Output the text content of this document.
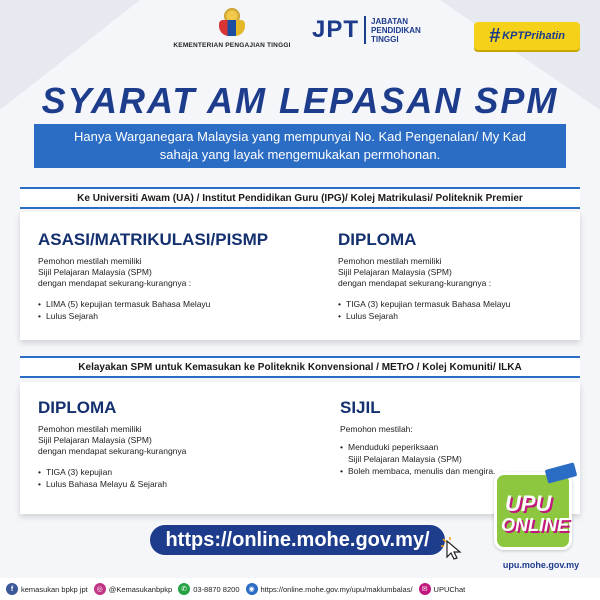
KEMENTERIAN PENGAJIAN TINGGI
JPT JABATAN
PENDIDIKAN
TINGGI	# KPTPrihatin
SYARAT AM LEPASAN SPM
Hanya Warganegara Malaysia yang mempunyai No. Kad Pengenalan/ My Kad
sahaja yang layak mengemukakan permohonan.
Ke Universiti Awam (UA) / Institut Pendidikan Guru (IPG)/ Kolej Matrikulasi/ Politeknik Premier
ASASI/MATRIKULASI/PISMP
Pemohon mestilah memiliki
Sijil Pelajaran Malaysia (SPM)
dengan mendapat sekurang-kurangnya :
• LIMA (5) kepujian termasuk Bahasa Melayu
• Lulus Sejarah
DIPLOMA
Pemohon mestilah memiliki
Sijil Pelajaran Malaysia (SPM)
dengan mendapat sekurang-kurangnya :
• TIGA (3) kepujian termasuk Bahasa Melayu
• Lulus Sejarah
Kelayakan SPM untuk Kemasukan ke Politeknik Konvensional / METrO / Kolej Komuniti/ ILKA
DIPLOMA
Pemohon mestilah memiliki
Sijil Pelajaran Malaysia (SPM)
dengan mendapat sekurang-kurangnya
• TIGA (3) kepujian
• Lulus Bahasa Melayu & Sejarah
SIJIL
Pemohon mestilah:
• Menduduki peperiksaan
Sijil Pelajaran Malaysia (SPM)
• Boleh membaca, menulis dan mengira.
https://online.mohe.gov.my/
UPU
ONLINE
upu.mohe.gov.my
f	kemasukan bpkp jpt	◎ @Kemasukanbpkp	✆ 03-8870 8200	◉ https://online.mohe.gov.my/upu/maklumbalas/	✉ UPUChat
